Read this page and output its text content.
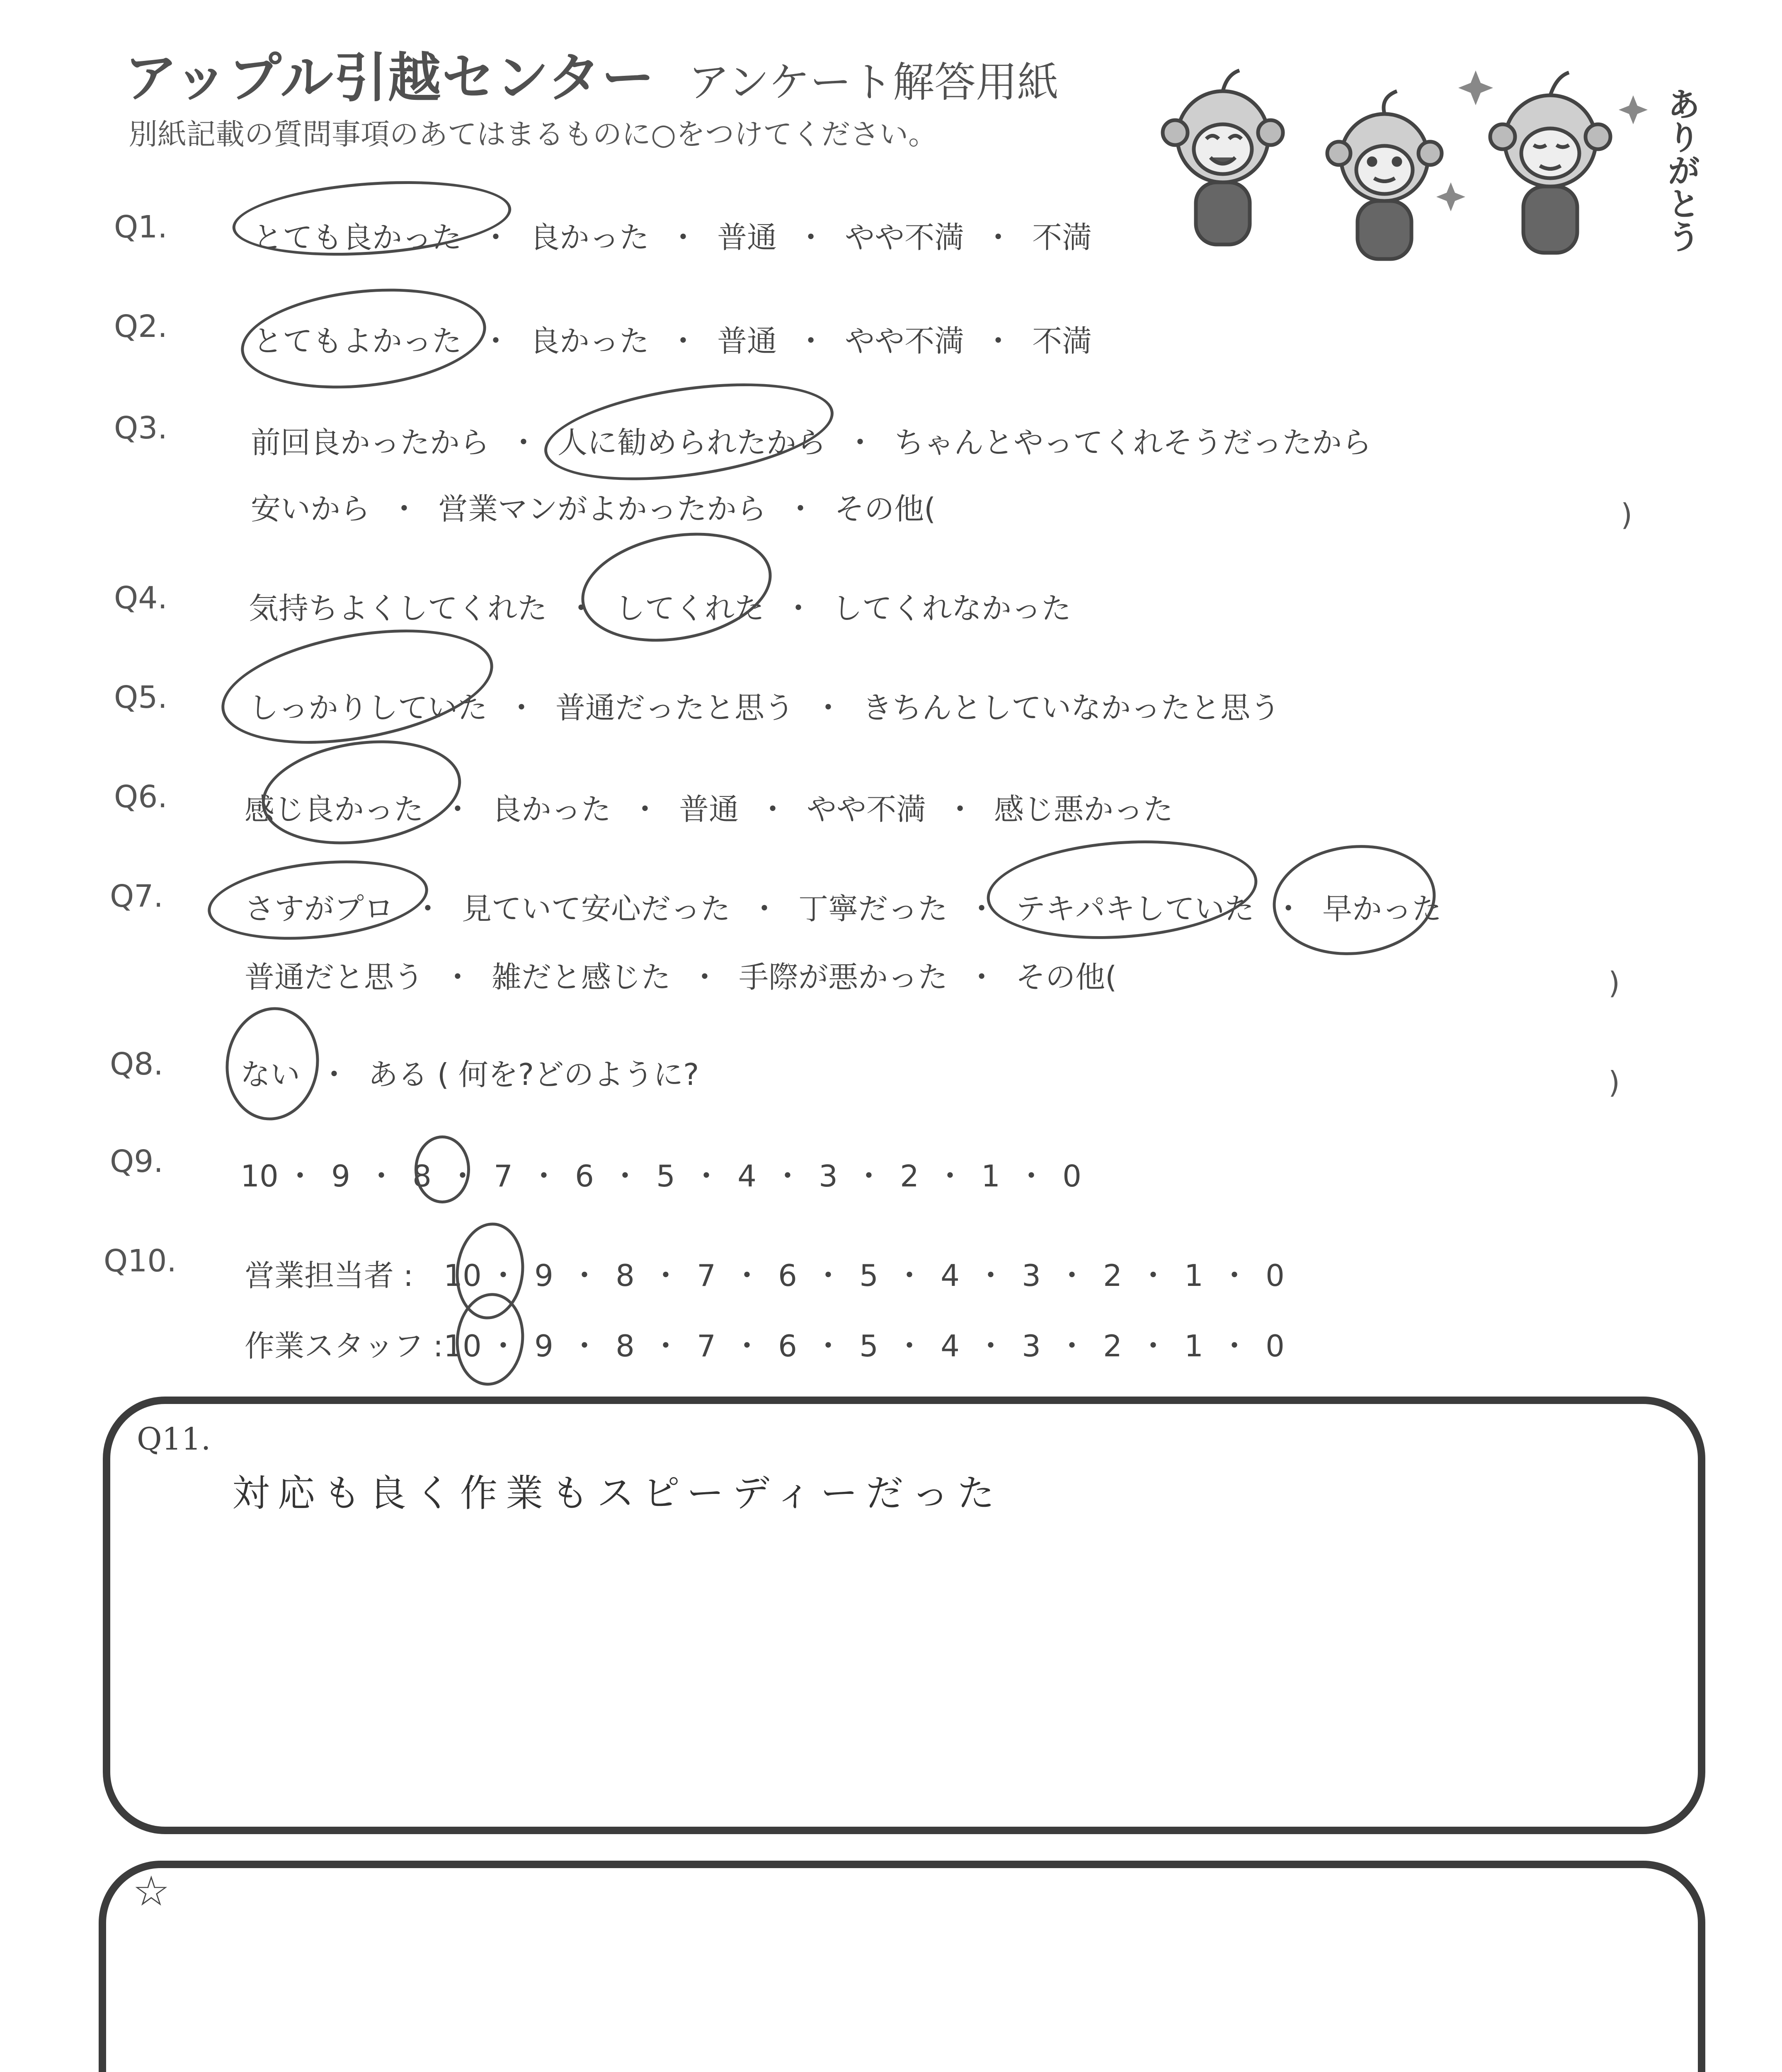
アップル引越センター アンケート解答用紙
別紙記載の質問事項のあてはまるものに○をつけてください。	ありがとう
Q1.	とても良かった ・ 良かった ・ 普通 ・ やや不満 ・ 不満
Q2.	とてもよかった ・ 良かった ・ 普通 ・ やや不満 ・ 不満
Q3.	前回良かったから ・ 人に勧められたから ・ ちゃんとやってくれそうだったから
安いから ・ 営業マンがよかったから ・ その他(	)
Q4.	気持ちよくしてくれた ・ してくれた ・ してくれなかった
Q5.	しっかりしていた ・ 普通だったと思う ・ きちんとしていなかったと思う
Q6.	感じ良かった ・ 良かった ・ 普通 ・ やや不満 ・ 感じ悪かった
Q7.	さすがプロ ・ 見ていて安心だった ・ 丁寧だった ・ テキパキしていた ・ 早かった
普通だと思う ・ 雑だと感じた ・ 手際が悪かった ・ その他(	)
Q8.	ない ・ ある ( 何を?どのように?	)
Q9.	10 ・ 9 ・ 8 ・ 7 ・ 6 ・ 5 ・ 4 ・ 3 ・ 2 ・ 1 ・ 0
Q10. 営業担当者 : 10 ・ 9 ・ 8 ・ 7 ・ 6 ・ 5 ・ 4 ・ 3 ・ 2 ・ 1 ・ 0
作業スタッフ :10 ・ 9 ・ 8 ・ 7 ・ 6 ・ 5 ・ 4 ・ 3 ・ 2 ・ 1 ・ 0
Q11.
対応も良く作業もスピーディーだった
☆
